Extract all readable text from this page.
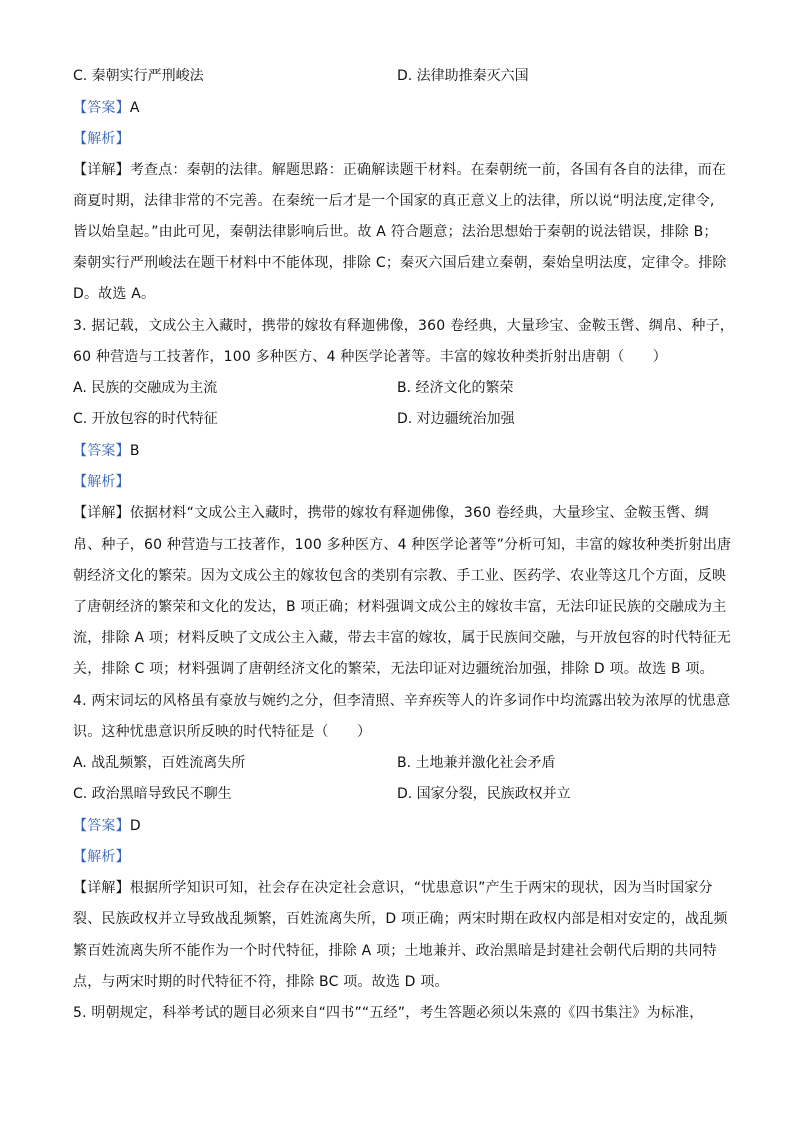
C. 秦朝实行严刑峻法	D. 法律助推秦灭六国
【答案】A
【解析】
【详解】考查点：秦朝的法律。解题思路：正确解读题干材料。在秦朝统一前，各国有各自的法律，而在
商夏时期，法律非常的不完善。在秦统一后才是一个国家的真正意义上的法律，所以说“明法度,定律令,
皆以始皇起。”由此可见，秦朝法律影响后世。故 A 符合题意；法治思想始于秦朝的说法错误，排除 B；
秦朝实行严刑峻法在题干材料中不能体现，排除 C；秦灭六国后建立秦朝，秦始皇明法度，定律令。排除
D。故选 A。
3. 据记载，文成公主入藏时，携带的嫁妆有释迦佛像，360 卷经典，大量珍宝、金鞍玉辔、绸帛、种子，
60 种营造与工技著作，100 多种医方、4 种医学论著等。丰富的嫁妆种类折射出唐朝（　　）
A. 民族的交融成为主流	B. 经济文化的繁荣
C. 开放包容的时代特征	D. 对边疆统治加强
【答案】B
【解析】
【详解】依据材料“文成公主入藏时，携带的嫁妆有释迦佛像，360 卷经典，大量珍宝、金鞍玉辔、绸
帛、种子，60 种营造与工技著作，100 多种医方、4 种医学论著等”分析可知，丰富的嫁妆种类折射出唐
朝经济文化的繁荣。因为文成公主的嫁妆包含的类别有宗教、手工业、医药学、农业等这几个方面，反映
了唐朝经济的繁荣和文化的发达，B 项正确；材料强调文成公主的嫁妆丰富，无法印证民族的交融成为主
流，排除 A 项；材料反映了文成公主入藏，带去丰富的嫁妆，属于民族间交融，与开放包容的时代特征无
关，排除 C 项；材料强调了唐朝经济文化的繁荣，无法印证对边疆统治加强，排除 D 项。故选 B 项。
4. 两宋词坛的风格虽有豪放与婉约之分，但李清照、辛弃疾等人的许多词作中均流露出较为浓厚的忧患意
识。这种忧患意识所反映的时代特征是（　　）
A. 战乱频繁，百姓流离失所	B. 土地兼并激化社会矛盾
C. 政治黑暗导致民不聊生	D. 国家分裂，民族政权并立
【答案】D
【解析】
【详解】根据所学知识可知，社会存在决定社会意识，“忧患意识”产生于两宋的现状，因为当时国家分
裂、民族政权并立导致战乱频繁，百姓流离失所，D 项正确；两宋时期在政权内部是相对安定的，战乱频
繁百姓流离失所不能作为一个时代特征，排除 A 项；土地兼并、政治黑暗是封建社会朝代后期的共同特
点，与两宋时期的时代特征不符，排除 BC 项。故选 D 项。
5. 明朝规定，科举考试的题目必须来自“四书”“五经”，考生答题必须以朱熹的《四书集注》为标准，
